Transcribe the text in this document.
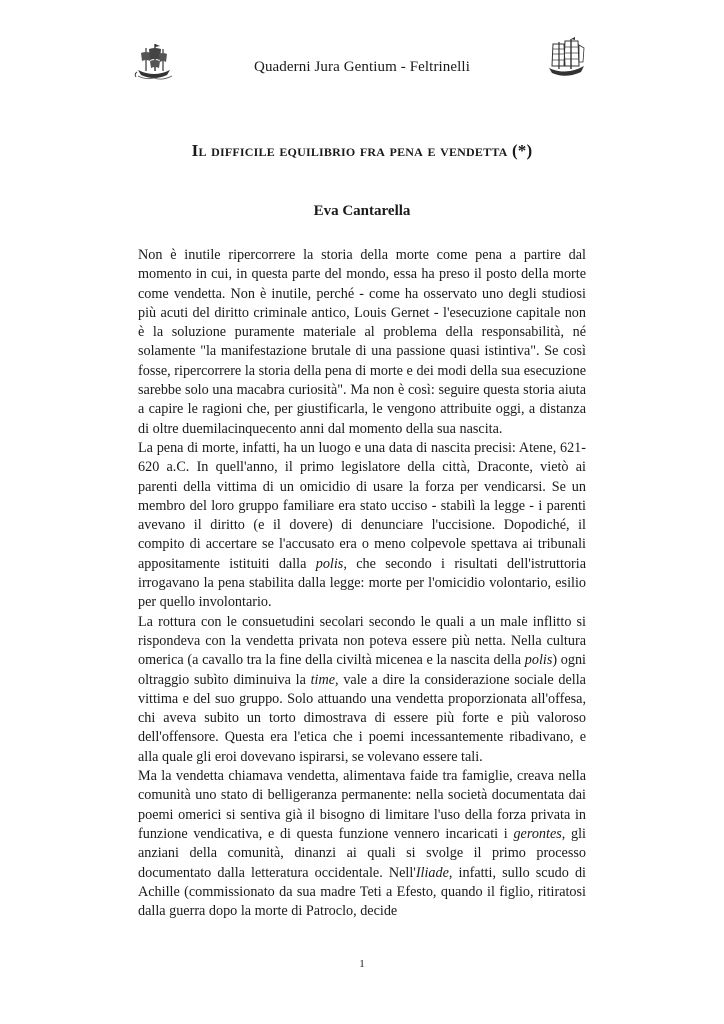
Quaderni Jura Gentium - Feltrinelli
Il difficile equilibrio fra pena e vendetta (*)
Eva Cantarella

Non è inutile ripercorrere la storia della morte come pena a partire dal momento in cui, in questa parte del mondo, essa ha preso il posto della morte come vendetta. Non è inutile, perché - come ha osservato uno degli studiosi più acuti del diritto criminale antico, Louis Gernet - l'esecuzione capitale non è la soluzione puramente materiale al problema della responsabilità, né solamente "la manifestazione brutale di una passione quasi istintiva". Se così fosse, ripercorrere la storia della pena di morte e dei modi della sua esecuzione sarebbe solo una macabra curiosità". Ma non è così: seguire questa storia aiuta a capire le ragioni che, per giustificarla, le vengono attribuite oggi, a distanza di oltre duemilacinquecento anni dal momento della sua nascita.

La pena di morte, infatti, ha un luogo e una data di nascita precisi: Atene, 621-620 a.C. In quell'anno, il primo legislatore della città, Draconte, vietò ai parenti della vittima di un omicidio di usare la forza per vendicarsi. Se un membro del loro gruppo familiare era stato ucciso - stabilì la legge - i parenti avevano il diritto (e il dovere) di denunciare l'uccisione. Dopodiché, il compito di accertare se l'accusato era o meno colpevole spettava ai tribunali appositamente istituiti dalla polis, che secondo i risultati dell'istruttoria irrogavano la pena stabilita dalla legge: morte per l'omicidio volontario, esilio per quello involontario.

La rottura con le consuetudini secolari secondo le quali a un male inflitto si rispondeva con la vendetta privata non poteva essere più netta. Nella cultura omerica (a cavallo tra la fine della civiltà micenea e la nascita della polis) ogni oltraggio subìto diminuiva la time, vale a dire la considerazione sociale della vittima e del suo gruppo. Solo attuando una vendetta proporzionata all'offesa, chi aveva subito un torto dimostrava di essere più forte e più valoroso dell'offensore. Questa era l'etica che i poemi incessantemente ribadivano, e alla quale gli eroi dovevano ispirarsi, se volevano essere tali.

Ma la vendetta chiamava vendetta, alimentava faide tra famiglie, creava nella comunità uno stato di belligeranza permanente: nella società documentata dai poemi omerici si sentiva già il bisogno di limitare l'uso della forza privata in funzione vendicativa, e di questa funzione vennero incaricati i gerontes, gli anziani della comunità, dinanzi ai quali si svolge il primo processo documentato dalla letteratura occidentale. Nell'Iliade, infatti, sullo scudo di Achille (commissionato da sua madre Teti a Efesto, quando il figlio, ritiratosi dalla guerra dopo la morte di Patroclo, decide

1
